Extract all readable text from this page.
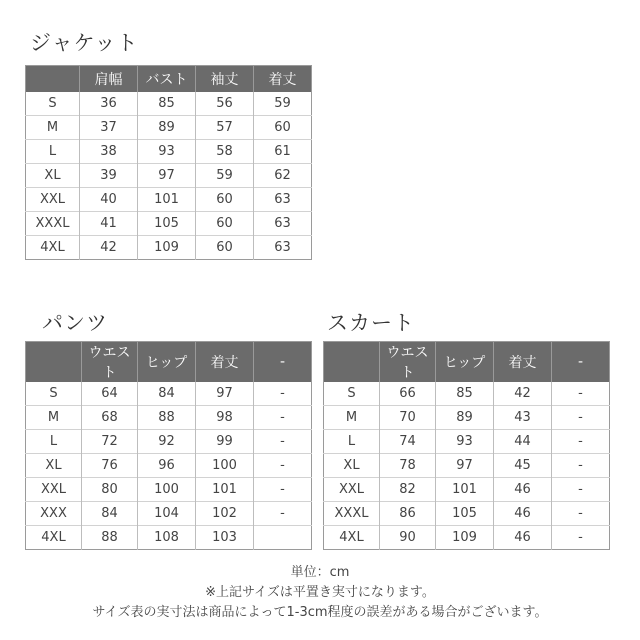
ジャケット
	肩幅	バスト	袖丈	着丈
S	36	85	56	59
M	37	89	57	60
L	38	93	58	61
XL	39	97	59	62
XXL	40	101	60	63
XXXL	41	105	60	63
4XL	42	109	60	63
パンツ
	ウエスト	ヒップ	着丈	-
S	64	84	97	-
M	68	88	98	-
L	72	92	99	-
XL	76	96	100	-
XXL	80	100	101	-
XXX	84	104	102	-
4XL	88	108	103	
スカート
	ウエスト	ヒップ	着丈	-
S	66	85	42	-
M	70	89	43	-
L	74	93	44	-
XL	78	97	45	-
XXL	82	101	46	-
XXXL	86	105	46	-
4XL	90	109	46	-
単位：cm
※上記サイズは平置き実寸になります。
サイズ表の実寸法は商品によって1-3cm程度の誤差がある場合がございます。
